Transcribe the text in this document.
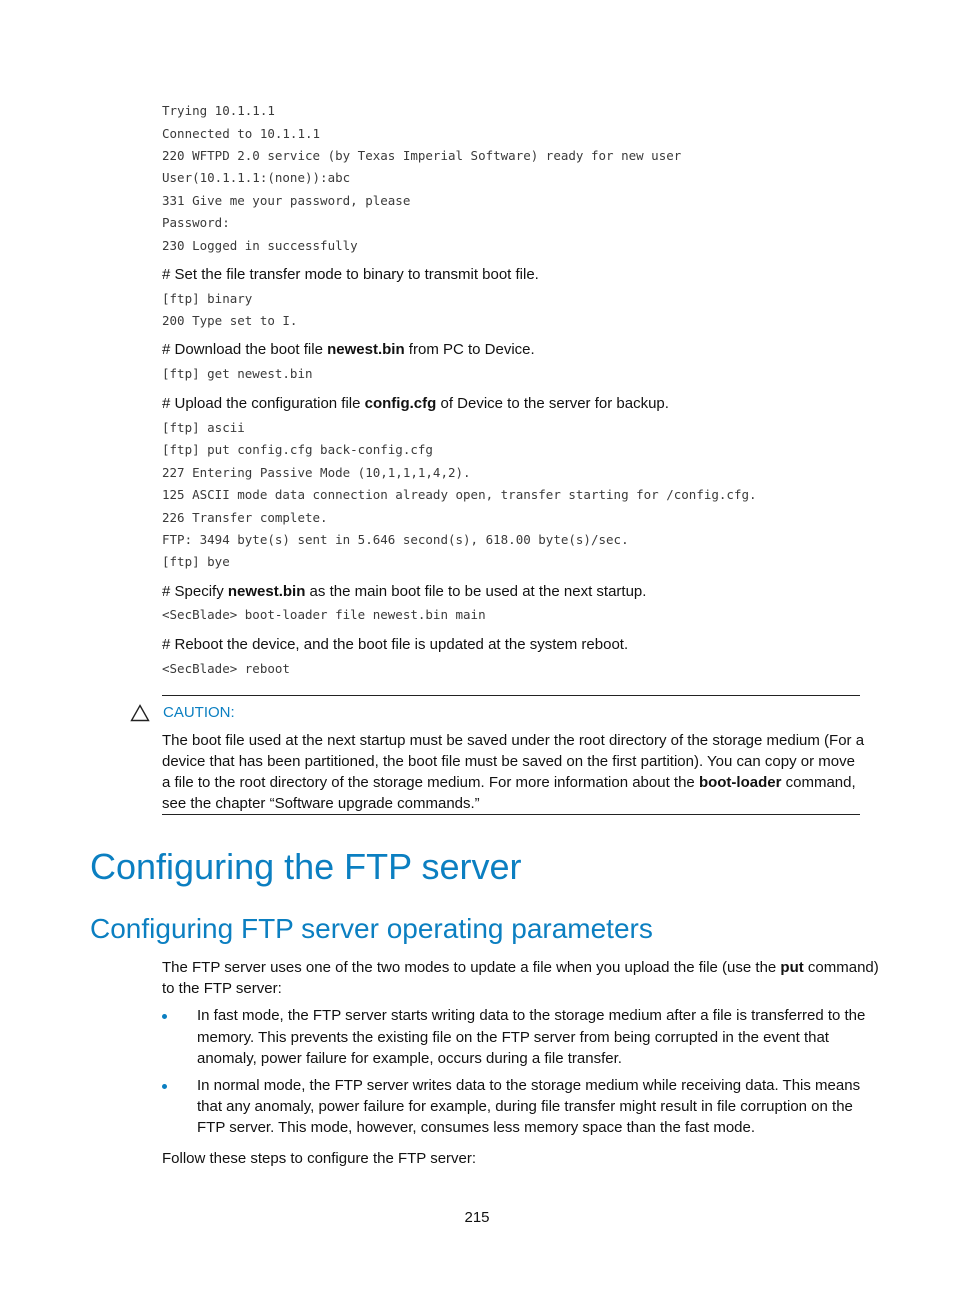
Trying 10.1.1.1
Connected to 10.1.1.1
220 WFTPD 2.0 service (by Texas Imperial Software) ready for new user
User(10.1.1.1:(none)):abc
331 Give me your password, please
Password:
230 Logged in successfully
# Set the file transfer mode to binary to transmit boot file.
[ftp] binary
200 Type set to I.
# Download the boot file newest.bin from PC to Device.
[ftp] get newest.bin
# Upload the configuration file config.cfg of Device to the server for backup.
[ftp] ascii
[ftp] put config.cfg back-config.cfg
227 Entering Passive Mode (10,1,1,1,4,2).
125 ASCII mode data connection already open, transfer starting for /config.cfg.
226 Transfer complete.
FTP: 3494 byte(s) sent in 5.646 second(s), 618.00 byte(s)/sec.
[ftp] bye
# Specify newest.bin as the main boot file to be used at the next startup.
<SecBlade> boot-loader file newest.bin main
# Reboot the device, and the boot file is updated at the system reboot.
<SecBlade> reboot
CAUTION:
The boot file used at the next startup must be saved under the root directory of the storage medium (For a
device that has been partitioned, the boot file must be saved on the first partition). You can copy or move
a file to the root directory of the storage medium. For more information about the boot-loader command,
see the chapter “Software upgrade commands.”
Configuring the FTP server
Configuring FTP server operating parameters
The FTP server uses one of the two modes to update a file when you upload the file (use the put command)
to the FTP server:
In fast mode, the FTP server starts writing data to the storage medium after a file is transferred to the
memory. This prevents the existing file on the FTP server from being corrupted in the event that
anomaly, power failure for example, occurs during a file transfer.
In normal mode, the FTP server writes data to the storage medium while receiving data. This means
that any anomaly, power failure for example, during file transfer might result in file corruption on the
FTP server. This mode, however, consumes less memory space than the fast mode.
Follow these steps to configure the FTP server:
215
